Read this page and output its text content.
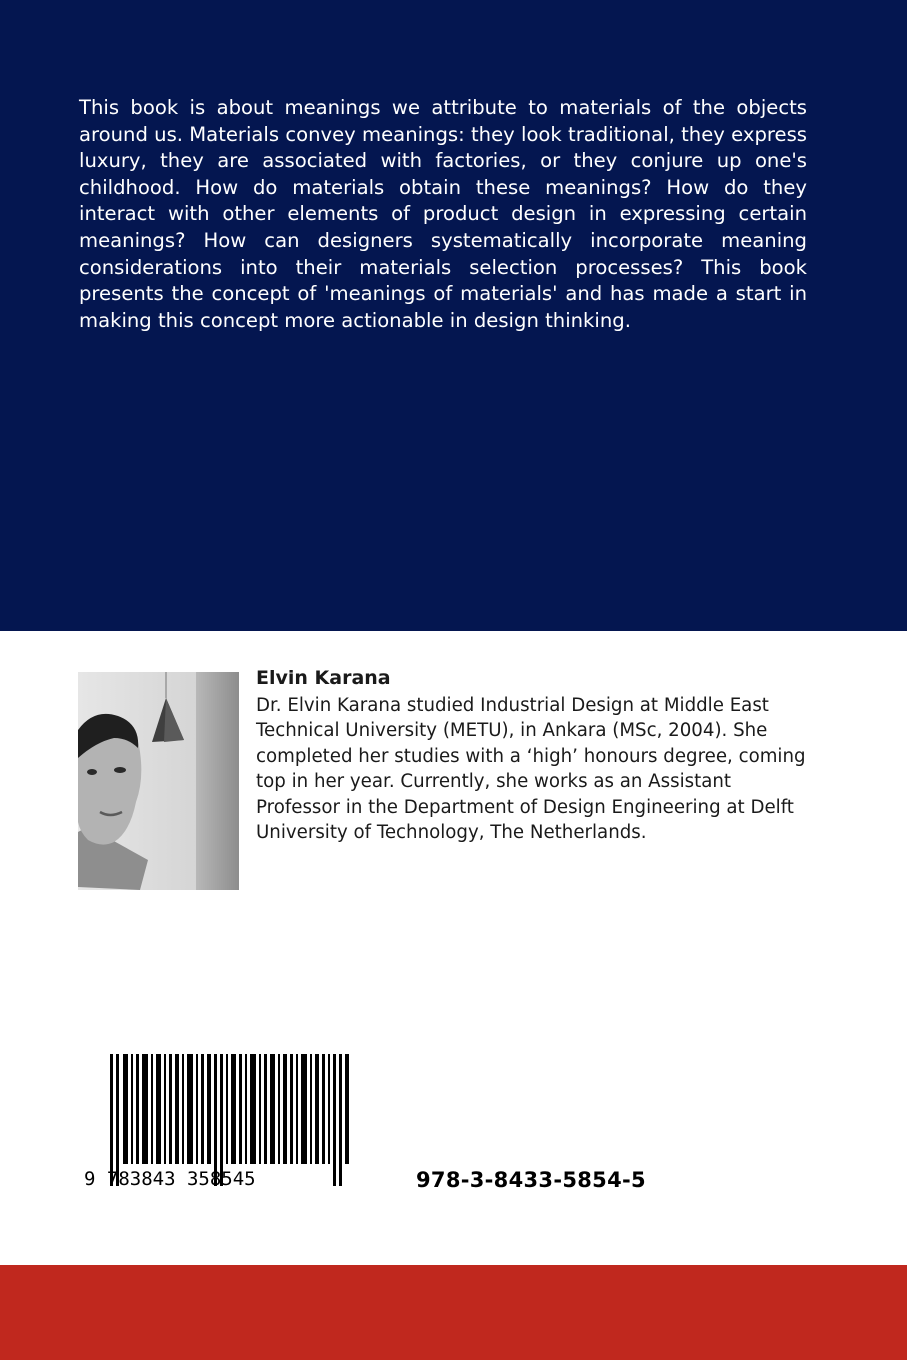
This book is about meanings we attribute to materials of the objects around us. Materials convey meanings: they look traditional, they express luxury, they are associated with factories, or they conjure up one's childhood. How do materials obtain these meanings? How do they interact with other elements of product design in expressing certain meanings? How can designers systematically incorporate meaning considerations into their materials selection processes? This book presents the concept of 'meanings of materials' and has made a start in making this concept more actionable in design thinking.

Elvin Karana

Dr. Elvin Karana studied Industrial Design at Middle East Technical University (METU), in Ankara (MSc, 2004). She completed her studies with a ‘high’ honours degree, coming top in her year. Currently, she works as an Assistant Professor in the Department of Design Engineering at Delft University of Technology, The Netherlands.

9 783843 358545	978-3-8433-5854-5
